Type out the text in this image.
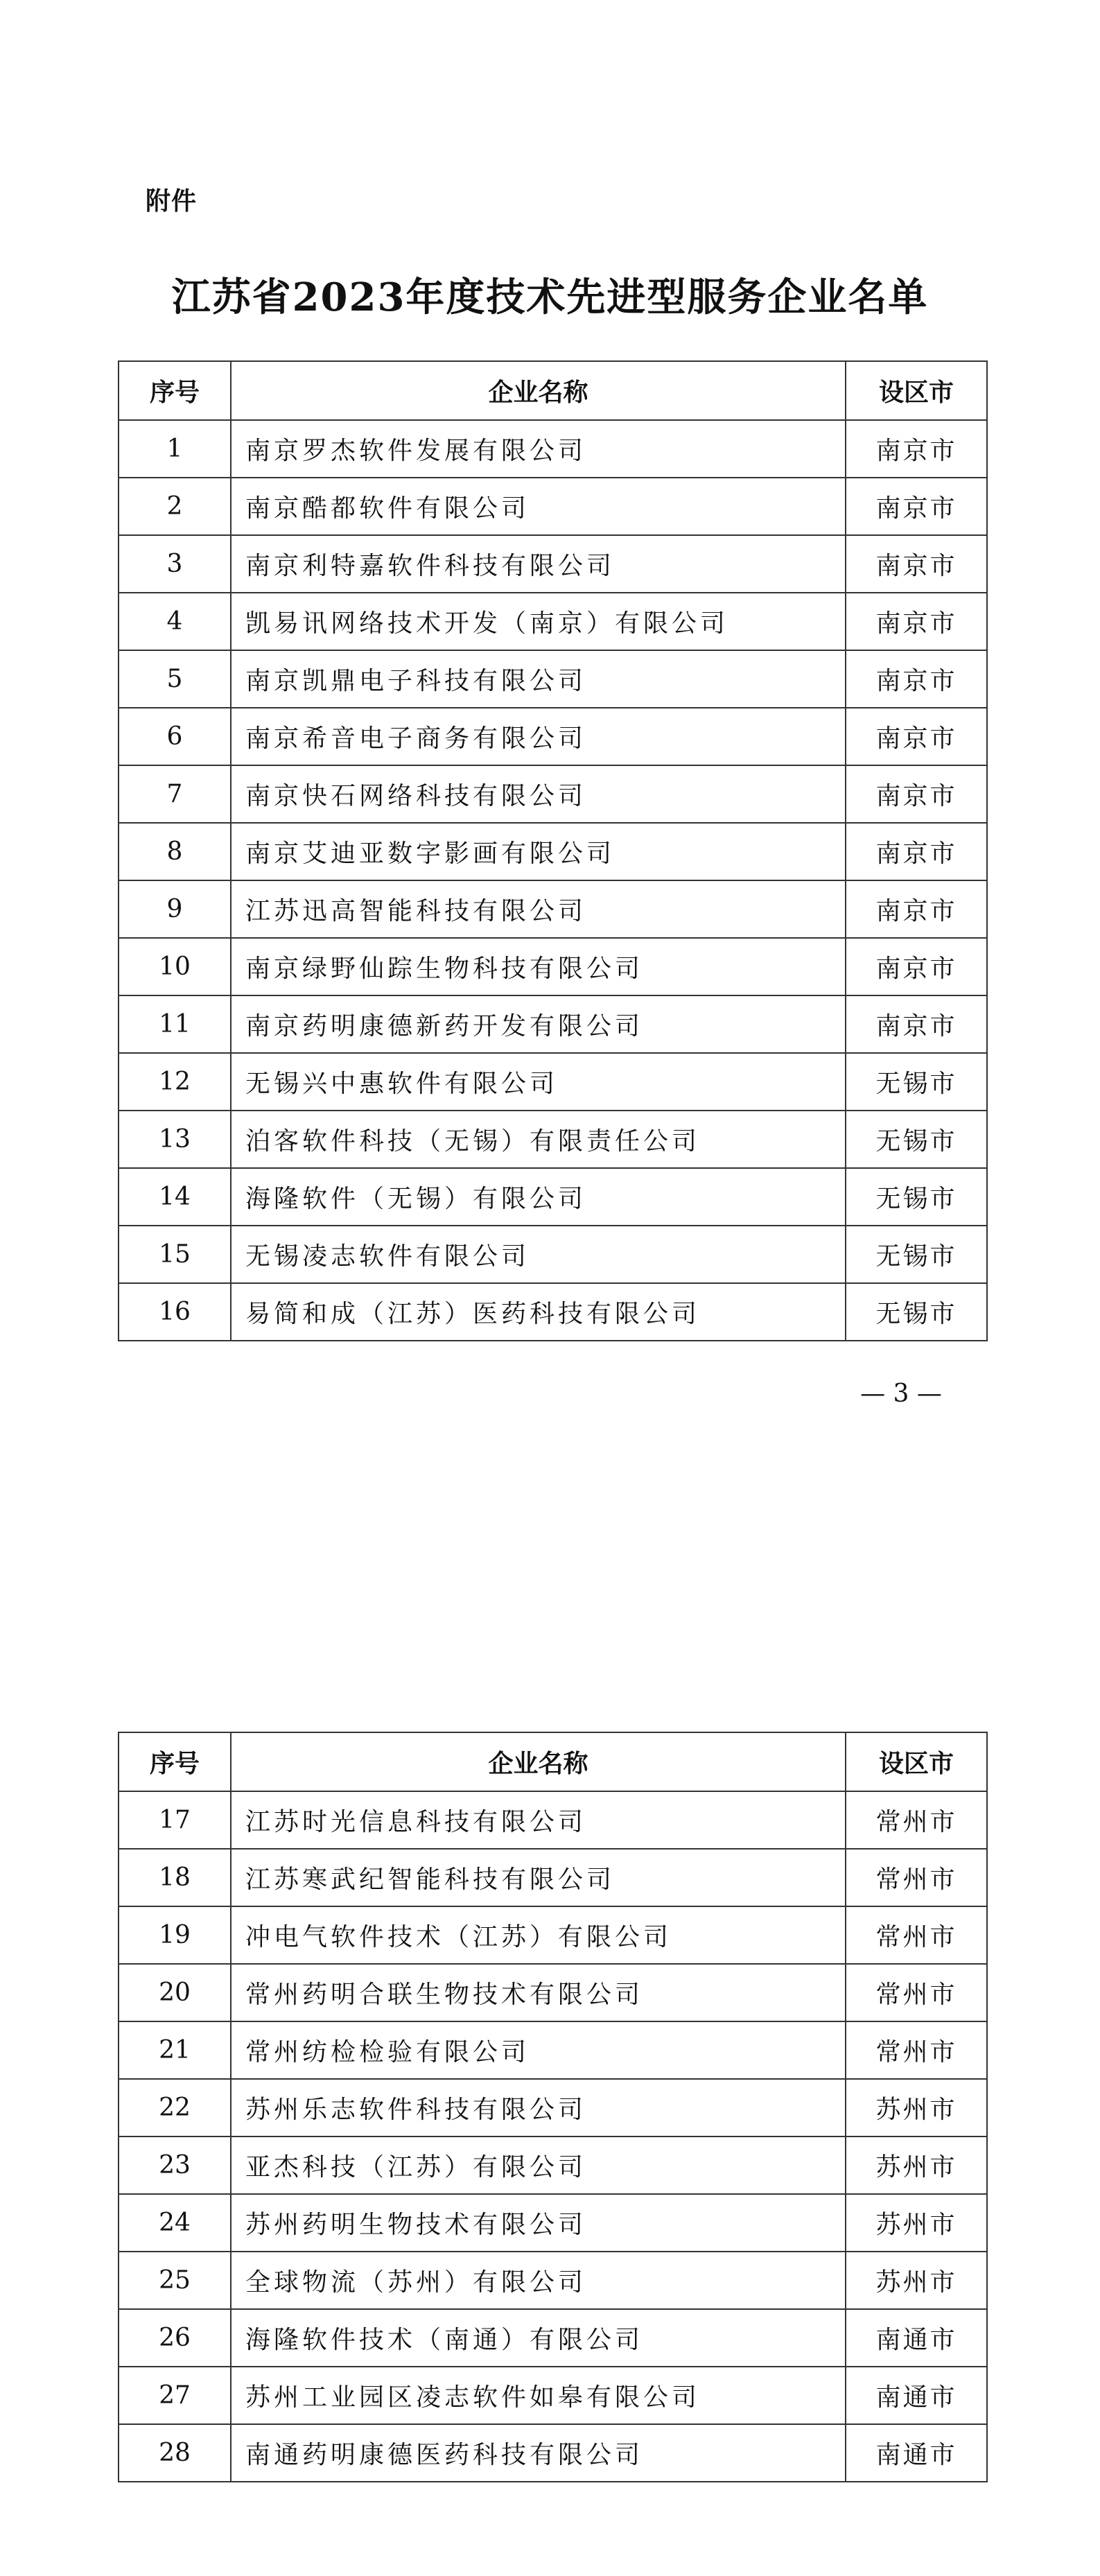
附件
江苏省2023年度技术先进型服务企业名单
序号	企业名称	设区市
1	南京罗杰软件发展有限公司	南京市
2	南京酷都软件有限公司	南京市
3	南京利特嘉软件科技有限公司	南京市
4	凯易讯网络技术开发（南京）有限公司	南京市
5	南京凯鼎电子科技有限公司	南京市
6	南京希音电子商务有限公司	南京市
7	南京快石网络科技有限公司	南京市
8	南京艾迪亚数字影画有限公司	南京市
9	江苏迅高智能科技有限公司	南京市
10	南京绿野仙踪生物科技有限公司	南京市
11	南京药明康德新药开发有限公司	南京市
12	无锡兴中惠软件有限公司	无锡市
13	泊客软件科技（无锡）有限责任公司	无锡市
14	海隆软件（无锡）有限公司	无锡市
15	无锡凌志软件有限公司	无锡市
16	易简和成（江苏）医药科技有限公司	无锡市
— 3 —
序号	企业名称	设区市
17	江苏时光信息科技有限公司	常州市
18	江苏寒武纪智能科技有限公司	常州市
19	冲电气软件技术（江苏）有限公司	常州市
20	常州药明合联生物技术有限公司	常州市
21	常州纺检检验有限公司	常州市
22	苏州乐志软件科技有限公司	苏州市
23	亚杰科技（江苏）有限公司	苏州市
24	苏州药明生物技术有限公司	苏州市
25	全球物流（苏州）有限公司	苏州市
26	海隆软件技术（南通）有限公司	南通市
27	苏州工业园区凌志软件如皋有限公司	南通市
28	南通药明康德医药科技有限公司	南通市
